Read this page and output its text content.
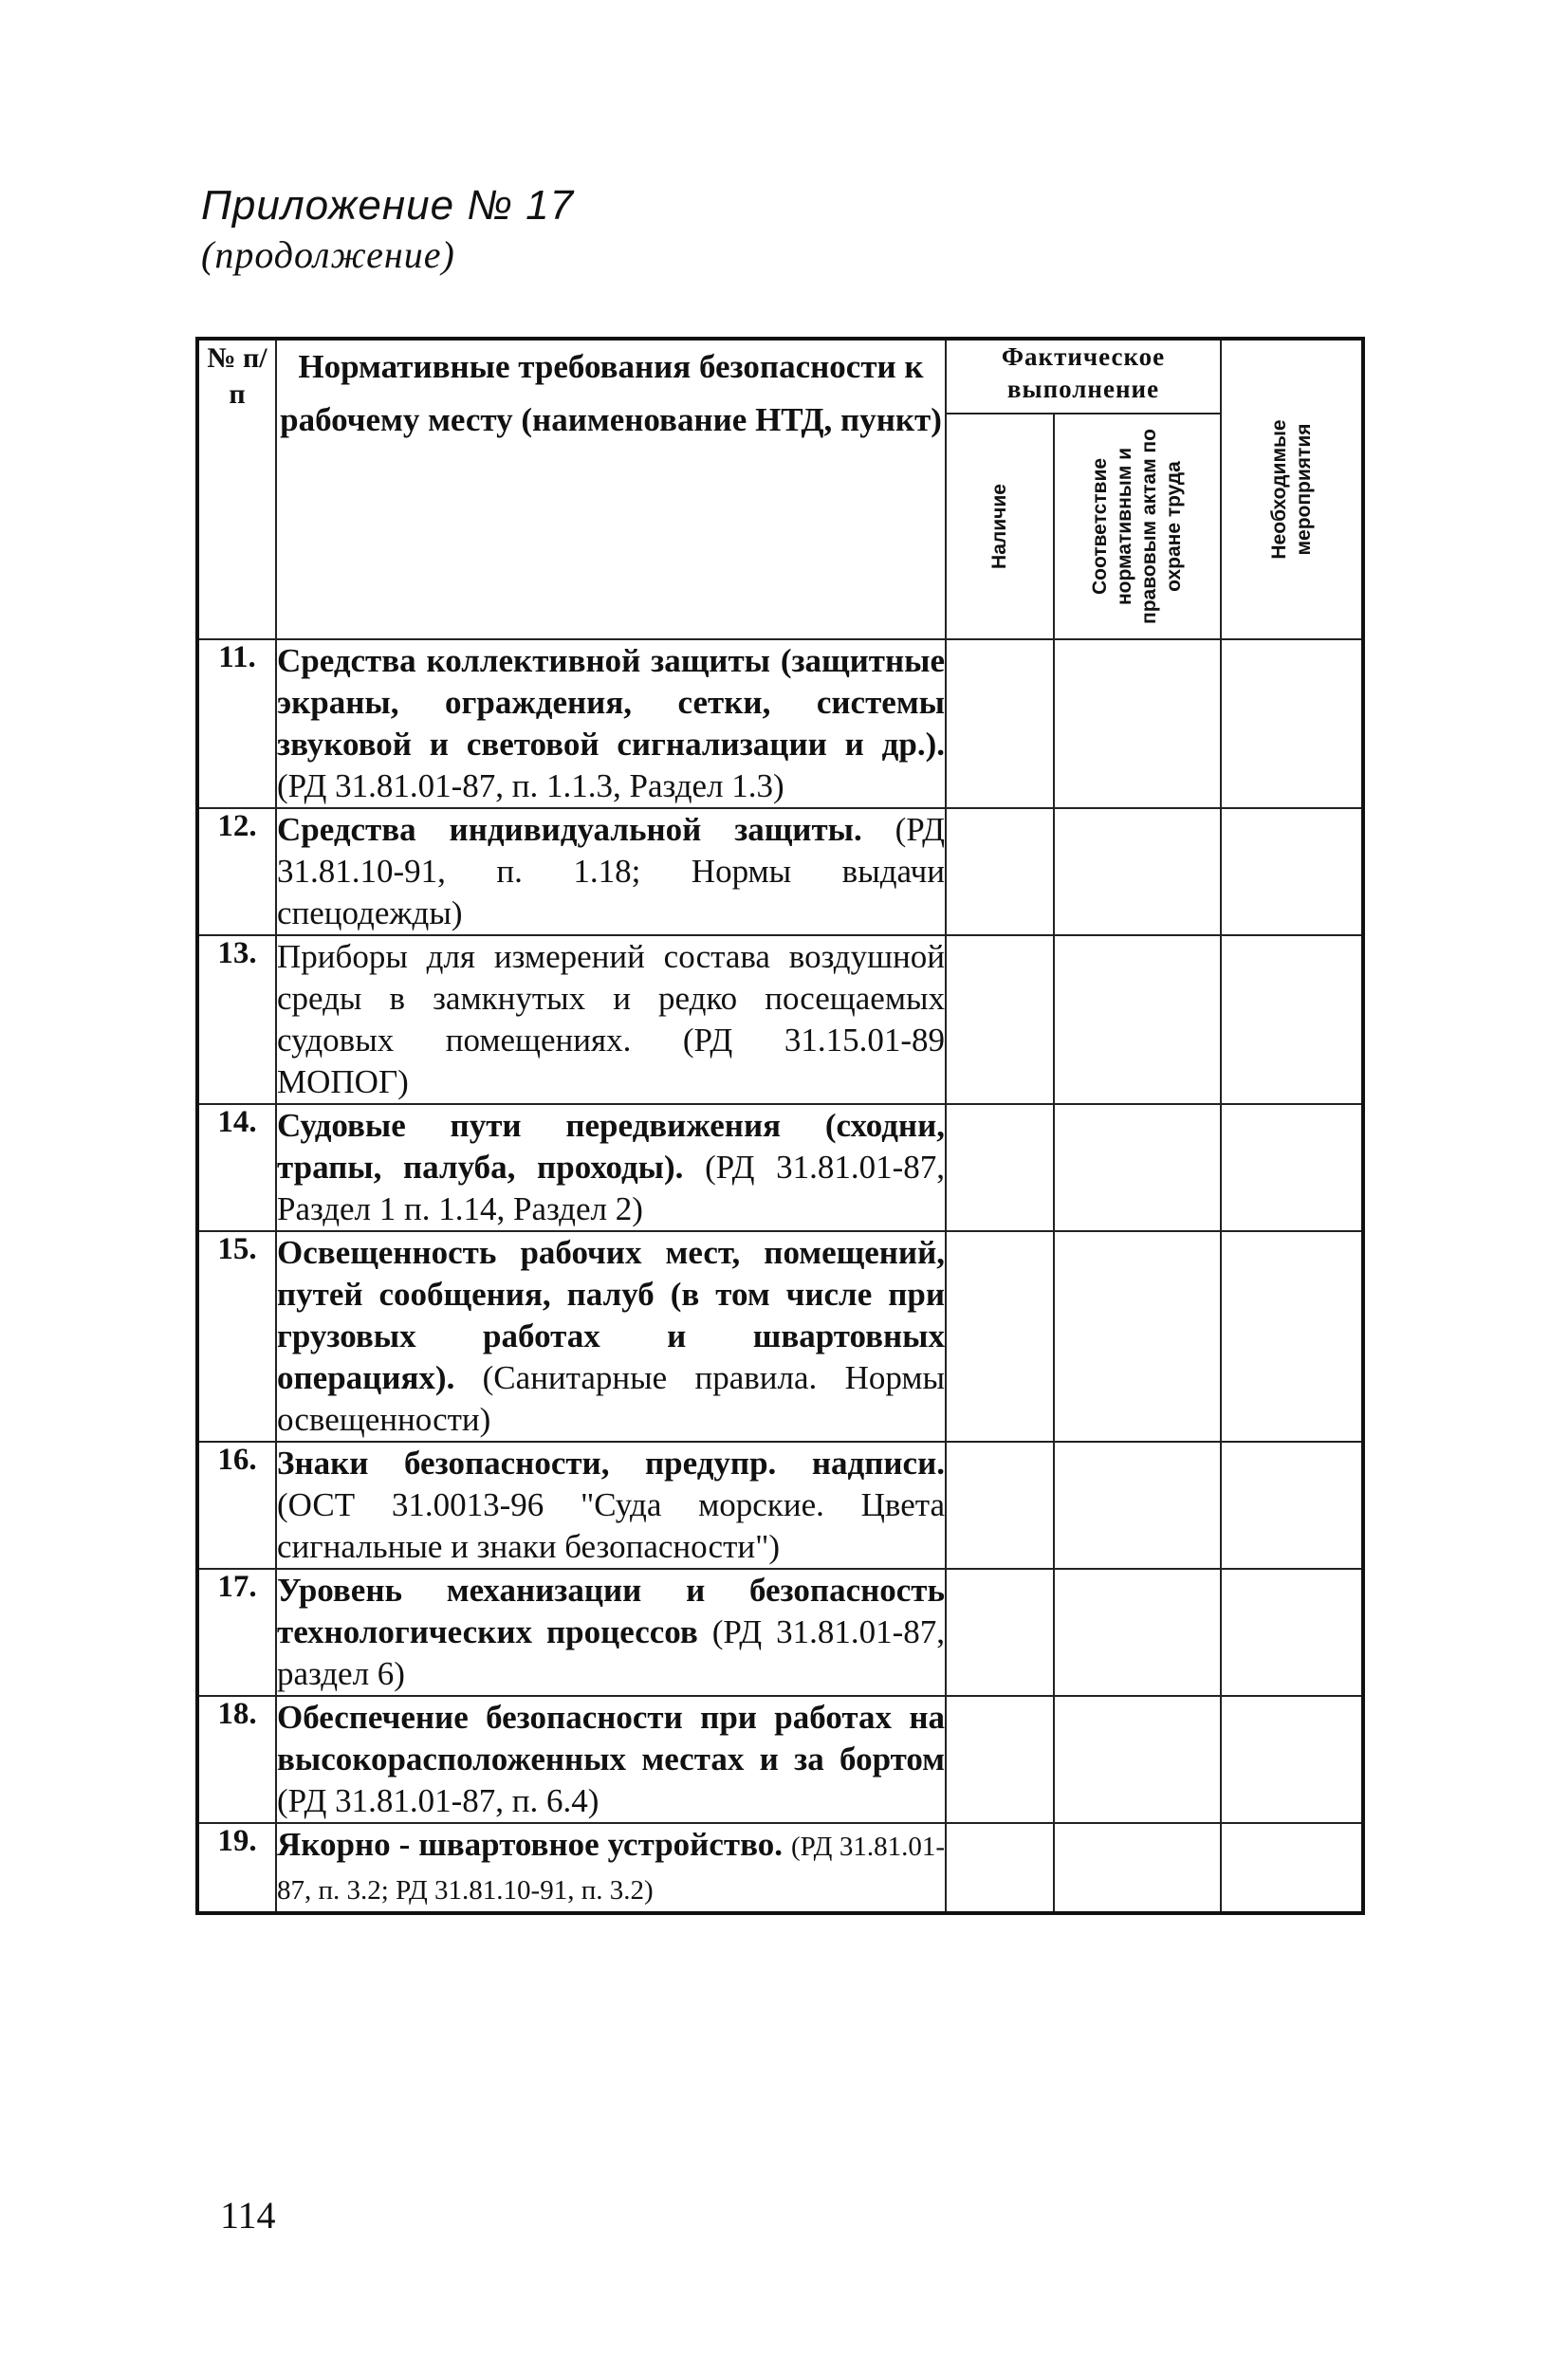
Приложение № 17
(продолжение)
№ п/п	Нормативные требования безопасности к рабочему месту (наименование НТД, пункт)	Фактическое выполнение		Необходимые мероприятия

		Наличие	Соответствие нормативным и правовым актам по охране труда	

11.	Средства коллективной защиты (защитные экраны, ограждения, сетки, системы звуковой и световой сигнализации и др.). (РД 31.81.01-87, п. 1.1.3, Раздел 1.3)			
12.	Средства индивидуальной защиты. (РД 31.81.10-91, п. 1.18; Нормы выдачи спецодежды)			
13.	Приборы для измерений состава воздушной среды в замкнутых и редко посещаемых судовых помещениях. (РД 31.15.01-89 МОПОГ)			
14.	Судовые пути передвижения (сходни, трапы, палуба, проходы). (РД 31.81.01-87, Раздел 1 п. 1.14, Раздел 2)			
15.	Освещенность рабочих мест, помещений, путей сообщения, палуб (в том числе при грузовых работах и швартовных операциях). (Санитарные правила. Нормы освещенности)			
16.	Знаки безопасности, предупр. надписи. (ОСТ 31.0013-96 "Суда морские. Цвета сигнальные и знаки безопасности")			
17.	Уровень механизации и безопасность технологических процессов (РД 31.81.01-87, раздел 6)			
18.	Обеспечение безопасности при работах на высокорасположенных местах и за бортом (РД 31.81.01-87, п. 6.4)			
19.	Якорно - швартовное устройство. (РД 31.81.01-87, п. 3.2; РД 31.81.10-91, п. 3.2)			
114
